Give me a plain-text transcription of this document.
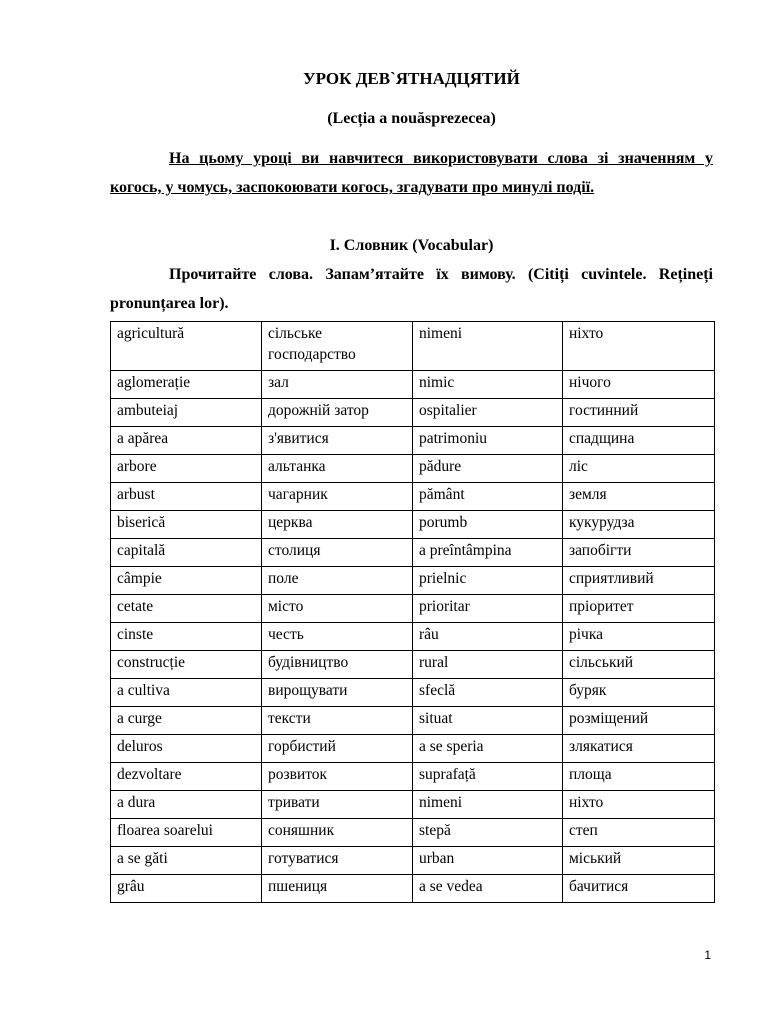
УРОК ДЕВ`ЯТНАДЦЯТИЙ

(Lecția a nouăsprezecea)

На цьому уроці ви навчитеся використовувати слова зі значенням у когось, у чомусь, заспокоювати когось, згадувати про минулі події.

I. Словник (Vocabular)

Прочитайте слова. Запам’ятайте їх вимову. (Citiți cuvintele. Rețineți pronunțarea lor).

agricultură	сільське господарство	nimeni	ніхто
aglomerație	зал	nimic	нічого
ambuteiaj	дорожній затор	ospitalier	гостинний
a apărea	з'явитися	patrimoniu	спадщина
arbore	альтанка	pădure	ліс
arbust	чагарник	pământ	земля
biserică	церква	porumb	кукурудза
capitală	столиця	a preîntâmpina	запобігти
câmpie	поле	prielnic	сприятливий
cetate	місто	prioritar	пріоритет
cinste	честь	râu	річка
construcție	будівництво	rural	сільський
a cultiva	вирощувати	sfeclă	буряк
a curge	тексти	situat	розміщений
deluros	горбистий	a se speria	злякатися
dezvoltare	розвиток	suprafață	площа
a dura	тривати	nimeni	ніхто
floarea soarelui	соняшник	stepă	степ
a se găti	готуватися	urban	міський
grâu	пшениця	a se vedea	бачитися
1
